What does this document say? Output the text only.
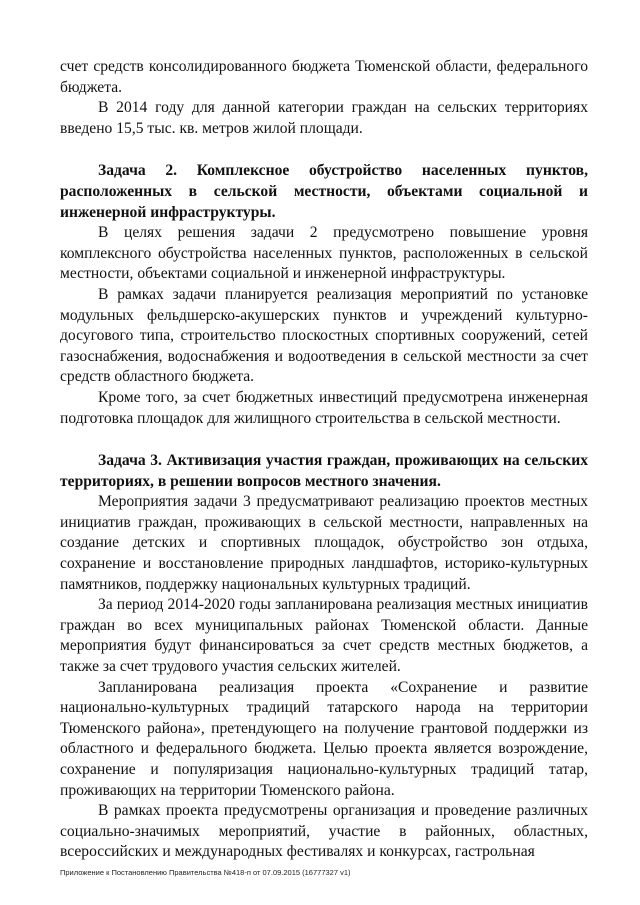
счет средств консолидированного бюджета Тюменской области, федерального бюджета.

В 2014 году для данной категории граждан на сельских территориях введено 15,5 тыс. кв. метров жилой площади.

Задача 2. Комплексное обустройство населенных пунктов, расположенных в сельской местности, объектами социальной и инженерной инфраструктуры.

В целях решения задачи 2 предусмотрено повышение уровня комплексного обустройства населенных пунктов, расположенных в сельской местности, объектами социальной и инженерной инфраструктуры.

В рамках задачи планируется реализация мероприятий по установке модульных фельдшерско-акушерских пунктов и учреждений культурно-досугового типа, строительство плоскостных спортивных сооружений, сетей газоснабжения, водоснабжения и водоотведения в сельской местности за счет средств областного бюджета.

Кроме того, за счет бюджетных инвестиций предусмотрена инженерная подготовка площадок для жилищного строительства в сельской местности.

Задача 3. Активизация участия граждан, проживающих на сельских территориях, в решении вопросов местного значения.

Мероприятия задачи 3 предусматривают реализацию проектов местных инициатив граждан, проживающих в сельской местности, направленных на создание детских и спортивных площадок, обустройство зон отдыха, сохранение и восстановление природных ландшафтов, историко-культурных памятников, поддержку национальных культурных традиций.

За период 2014-2020 годы запланирована реализация местных инициатив граждан во всех муниципальных районах Тюменской области. Данные мероприятия будут финансироваться за счет средств местных бюджетов, а также за счет трудового участия сельских жителей.

Запланирована реализация проекта «Сохранение и развитие национально-культурных традиций татарского народа на территории Тюменского района», претендующего на получение грантовой поддержки из областного и федерального бюджета. Целью проекта является возрождение, сохранение и популяризация национально-культурных традиций татар, проживающих на территории Тюменского района.

В рамках проекта предусмотрены организация и проведение различных социально-значимых мероприятий, участие в районных, областных, всероссийских и международных фестивалях и конкурсах, гастрольная

Приложение к Постановлению Правительства №418-п от 07.09.2015 (16777327 v1)
